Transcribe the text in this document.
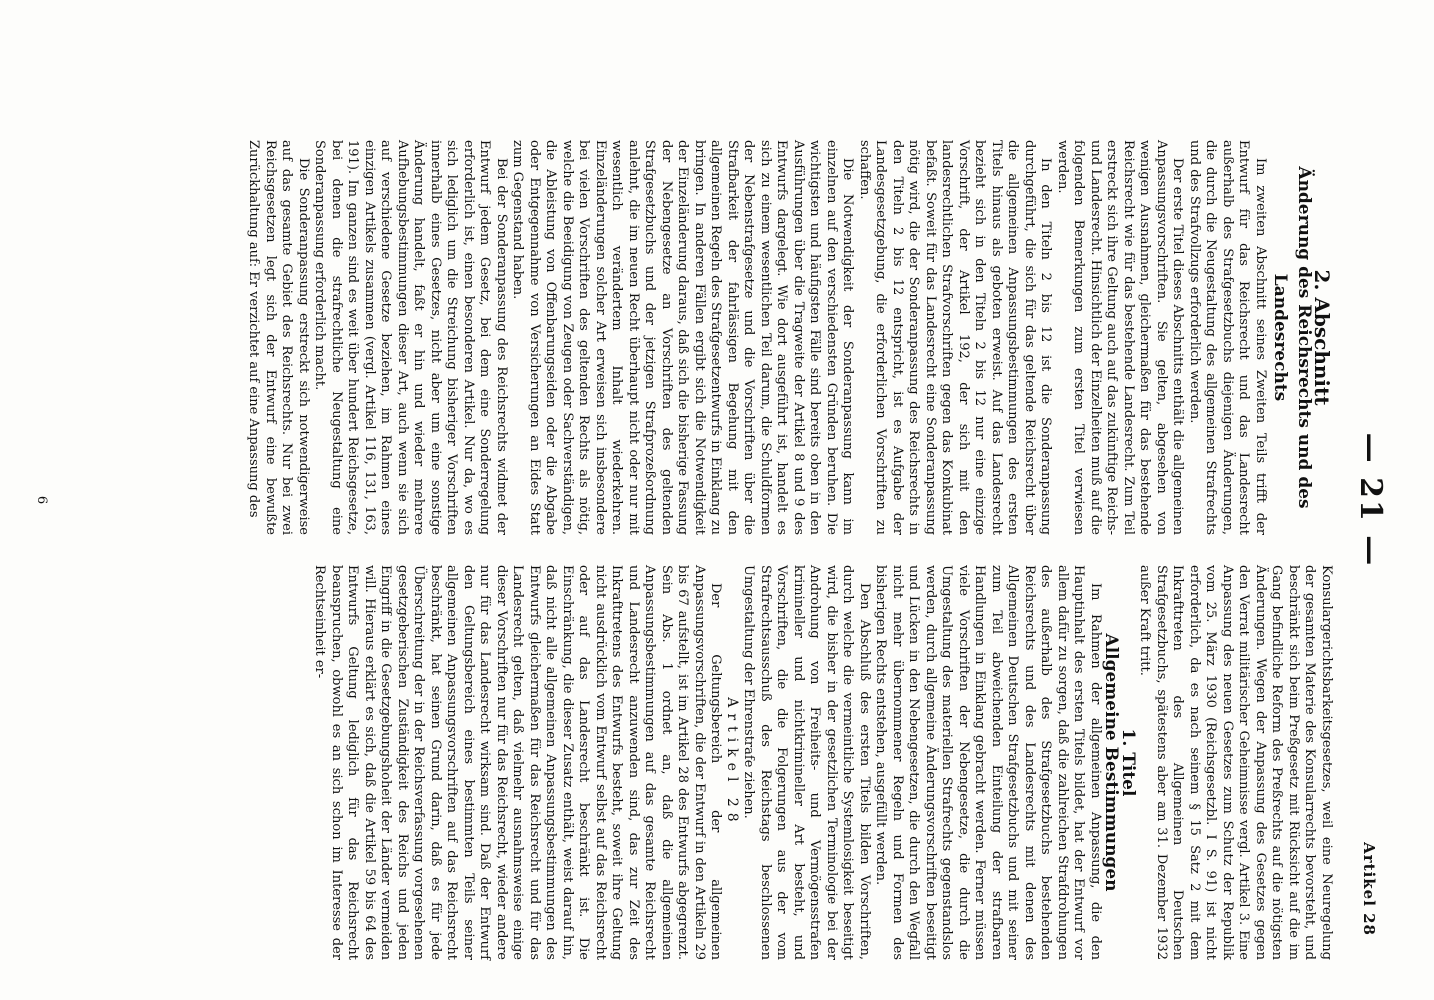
— 21 —
Artikel 28

2. Abschnitt

Änderung des Reichsrechts und des Landesrechts

Im zweiten Abschnitt seines Zweiten Teils trifft der Entwurf für das Reichsrecht und das Landesrecht außerhalb des Strafgesetzbuchs diejenigen Änderungen, die durch die Neugestaltung des allgemeinen Strafrechts und des Strafvollzugs erforderlich werden.

Der erste Titel dieses Abschnitts enthält die allgemeinen Anpassungsvorschriften. Sie gelten, abgesehen von wenigen Ausnahmen, gleichermaßen für das bestehende Reichsrecht wie für das bestehende Landesrecht. Zum Teil erstreckt sich ihre Geltung auch auf das zukünftige Reichs- und Landesrecht. Hinsichtlich der Einzelheiten muß auf die folgenden Bemerkungen zum ersten Titel verwiesen werden.

In den Titeln 2 bis 12 ist die Sonderanpassung durchgeführt, die sich für das geltende Reichsrecht über die allgemeinen Anpassungsbestimmungen des ersten Titels hinaus als geboten erweist. Auf das Landesrecht bezieht sich in den Titeln 2 bis 12 nur eine einzige Vorschrift, der Artikel 192, der sich mit den landesrechtlichen Strafvorschriften gegen das Konkubinat befaßt. Soweit für das Landesrecht eine Sonderanpassung nötig wird, die der Sonderanpassung des Reichsrechts in den Titeln 2 bis 12 entspricht, ist es Aufgabe der Landesgesetzgebung, die erforderlichen Vorschriften zu schaffen.

Die Notwendigkeit der Sonderanpassung kann im einzelnen auf den verschiedensten Gründen beruhen. Die wichtigsten und häufigsten Fälle sind bereits oben in den Ausführungen über die Tragweite der Artikel 8 und 9 des Entwurfs dargelegt. Wie dort ausgeführt ist, handelt es sich zu einem wesentlichen Teil darum, die Schuldformen der Nebenstrafgesetze und die Vorschriften über die Strafbarkeit der fahrlässigen Begehung mit den allgemeinen Regeln des Strafgesetzentwurfs in Einklang zu bringen. In anderen Fällen ergibt sich die Notwendigkeit der Einzeländerung daraus, daß sich die bisherige Fassung der Nebengesetze an Vorschriften des geltenden Strafgesetzbuchs und der jetzigen Strafprozeßordnung anlehnt, die im neuen Recht überhaupt nicht oder nur mit wesentlich verändertem Inhalt wiederkehren. Einzeländerungen solcher Art erweisen sich insbesondere bei vielen Vorschriften des geltenden Rechts als nötig, welche die Beeidigung von Zeugen oder Sachverständigen, die Ableistung von Offenbarungseiden oder die Abgabe oder Entgegennahme von Versicherungen an Eides Statt zum Gegenstand haben.

Bei der Sonderanpassung des Reichsrechts widmet der Entwurf jedem Gesetz, bei dem eine Sonderregelung erforderlich ist, einen besonderen Artikel. Nur da, wo es sich lediglich um die Streichung bisheriger Vorschriften innerhalb eines Gesetzes, nicht aber um eine sonstige Änderung handelt, faßt er hin und wieder mehrere Aufhebungsbestimmungen dieser Art, auch wenn sie sich auf verschiedene Gesetze beziehen, im Rahmen eines einzigen Artikels zusammen (vergl. Artikel 116, 131, 163, 191). Im ganzen sind es weit über hundert Reichsgesetze, bei denen die strafrechtliche Neugestaltung eine Sonderanpassung erforderlich macht.

Die Sonderanpassung erstreckt sich notwendigerweise auf das gesamte Gebiet des Reichsrechts. Nur bei zwei Reichsgesetzen legt sich der Entwurf eine bewußte Zurückhaltung auf: Er verzichtet auf eine Anpassung des

Konsulargerichtsbarkeitsgesetzes, weil eine Neuregelung der gesamten Materie des Konsularrechts bevorsteht, und beschränkt sich beim Preßgesetz mit Rücksicht auf die im Gang befindliche Reform des Preßrechts auf die nötigsten Änderungen. Wegen der Anpassung des Gesetzes gegen den Verrat militärischer Geheimnisse vergl. Artikel 3. Eine Anpassung des neuen Gesetzes zum Schutz der Republik vom 25. März 1930 (Reichsgesetzbl. I S. 91) ist nicht erforderlich, da es nach seinem § 15 Satz 2 mit dem Inkrafttreten des Allgemeinen Deutschen Strafgesetzbuchs, spätestens aber am 31. Dezember 1932 außer Kraft tritt.

1. Titel

Allgemeine Bestimmungen

Im Rahmen der allgemeinen Anpassung, die den Hauptinhalt des ersten Titels bildet, hat der Entwurf vor allem dafür zu sorgen, daß die zahlreichen Strafdrohungen des außerhalb des Strafgesetzbuchs bestehenden Reichsrechts und des Landesrechts mit denen des Allgemeinen Deutschen Strafgesetzbuchs und mit seiner zum Teil abweichenden Einteilung der strafbaren Handlungen in Einklang gebracht werden. Ferner müssen viele Vorschriften der Nebengesetze, die durch die Umgestaltung des materiellen Strafrechts gegenstandslos werden, durch allgemeine Änderungsvorschriften beseitigt und Lücken in den Nebengesetzen, die durch den Wegfall nicht mehr übernommener Regeln und Formen des bisherigen Rechts entstehen, ausgefüllt werden.

Den Abschluß des ersten Titels bilden Vorschriften, durch welche die vermeintliche Systemlosigkeit beseitigt wird, die bisher in der gesetzlichen Terminologie bei der Androhung von Freiheits- und Vermögensstrafen krimineller und nichtkrimineller Art besteht, und Vorschriften, die die Folgerungen aus der vom Strafrechtsausschuß des Reichstags beschlossenen Umgestaltung der Ehrenstrafe ziehen.

Artikel 28

Der Geltungsbereich der allgemeinen Anpassungsvorschriften, die der Entwurf in den Artikeln 29 bis 67 aufstellt, ist im Artikel 28 des Entwurfs abgegrenzt. Sein Abs. 1 ordnet an, daß die allgemeinen Anpassungsbestimmungen auf das gesamte Reichsrecht und Landesrecht anzuwenden sind, das zur Zeit des Inkrafttretens des Entwurfs besteht, soweit ihre Geltung nicht ausdrücklich vom Entwurf selbst auf das Reichsrecht oder auf das Landesrecht beschränkt ist. Die Einschränkung, die dieser Zusatz enthält, weist darauf hin, daß nicht alle allgemeinen Anpassungsbestimmungen des Entwurfs gleichermaßen für das Reichsrecht und für das Landesrecht gelten, daß vielmehr ausnahmsweise einige dieser Vorschriften nur für das Reichsrecht, wieder andere nur für das Landesrecht wirksam sind. Daß der Entwurf den Geltungsbereich eines bestimmten Teils seiner allgemeinen Anpassungsvorschriften auf das Reichsrecht beschränkt, hat seinen Grund darin, daß es für jede Überschreitung der in der Reichsverfassung vorgesehenen gesetzgeberischen Zuständigkeit des Reichs und jeden Eingriff in die Gesetzgebungshoheit der Länder vermeiden will. Hieraus erklärt es sich, daß die Artikel 59 bis 64 des Entwurfs Geltung lediglich für das Reichsrecht beanspruchen, obwohl es an sich schon im Interesse der Rechtseinheit er-

6
